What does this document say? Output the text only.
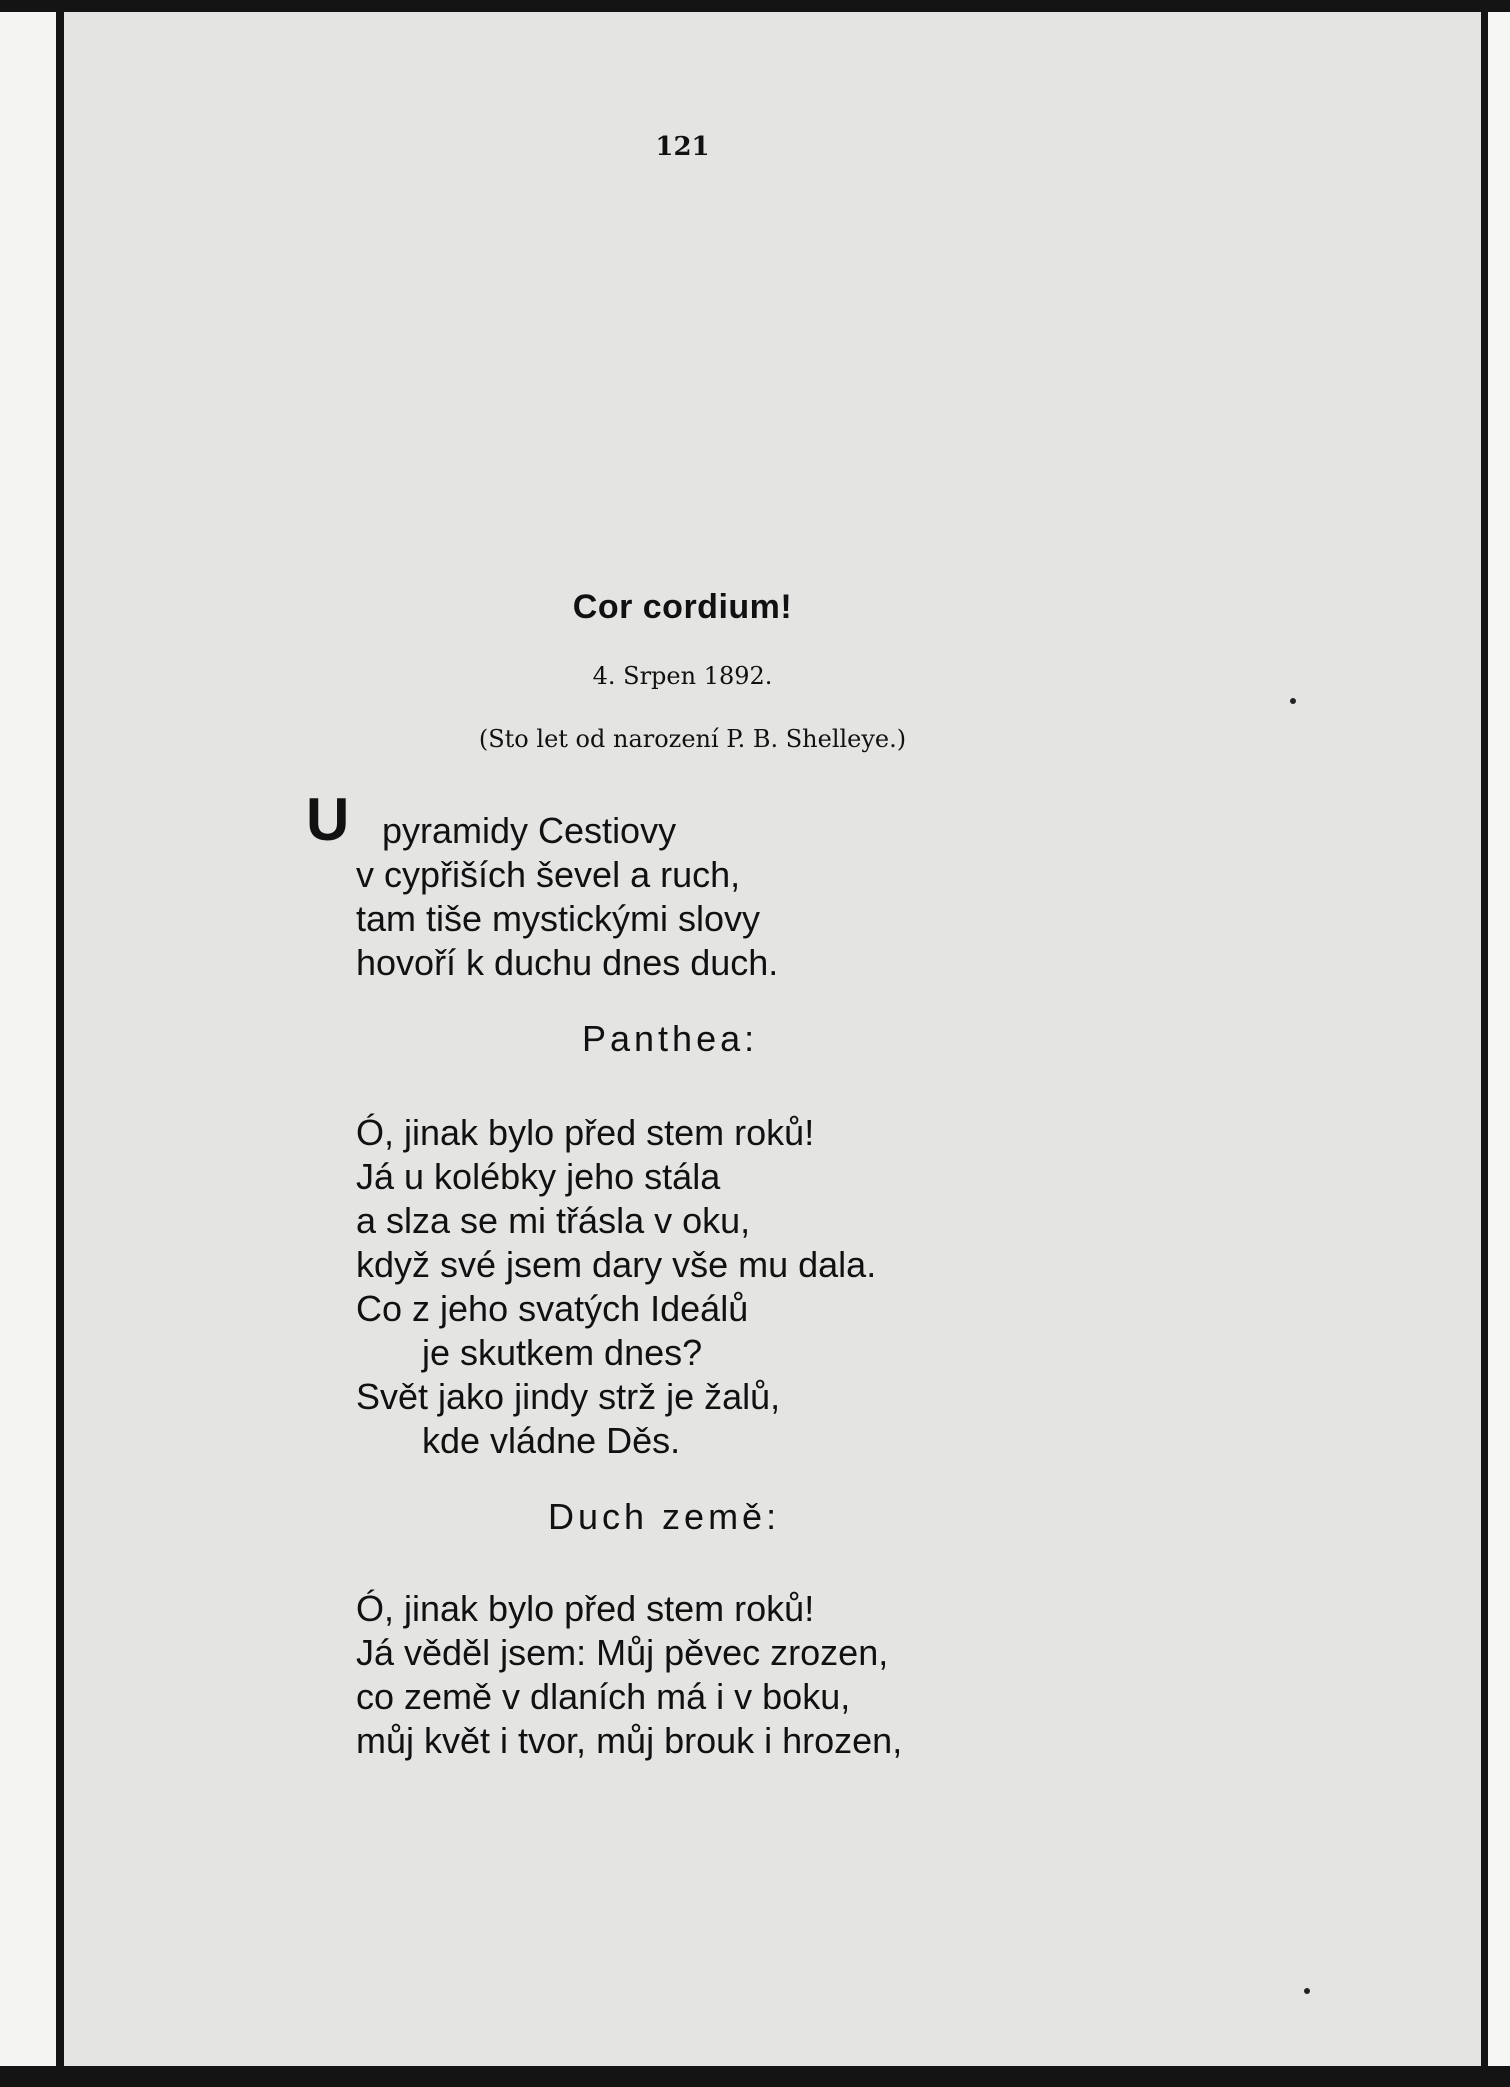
121
Cor cordium!
4. Srpen 1892.
(Sto let od narození P. B. Shelleye.)
U pyramidy Cestiovy
v cypřiších ševel a ruch,
tam tiše mystickými slovy
hovoří k duchu dnes duch.
Panthea:
Ó, jinak bylo před stem roků!
Já u kolébky jeho stála
a slza se mi třásla v oku,
když své jsem dary vše mu dala.
Co z jeho svatých Ideálů
je skutkem dnes?
Svět jako jindy strž je žalů,
kde vládne Děs.
Duch země:
Ó, jinak bylo před stem roků!
Já věděl jsem: Můj pěvec zrozen,
co země v dlaních má i v boku,
můj květ i tvor, můj brouk i hrozen,
